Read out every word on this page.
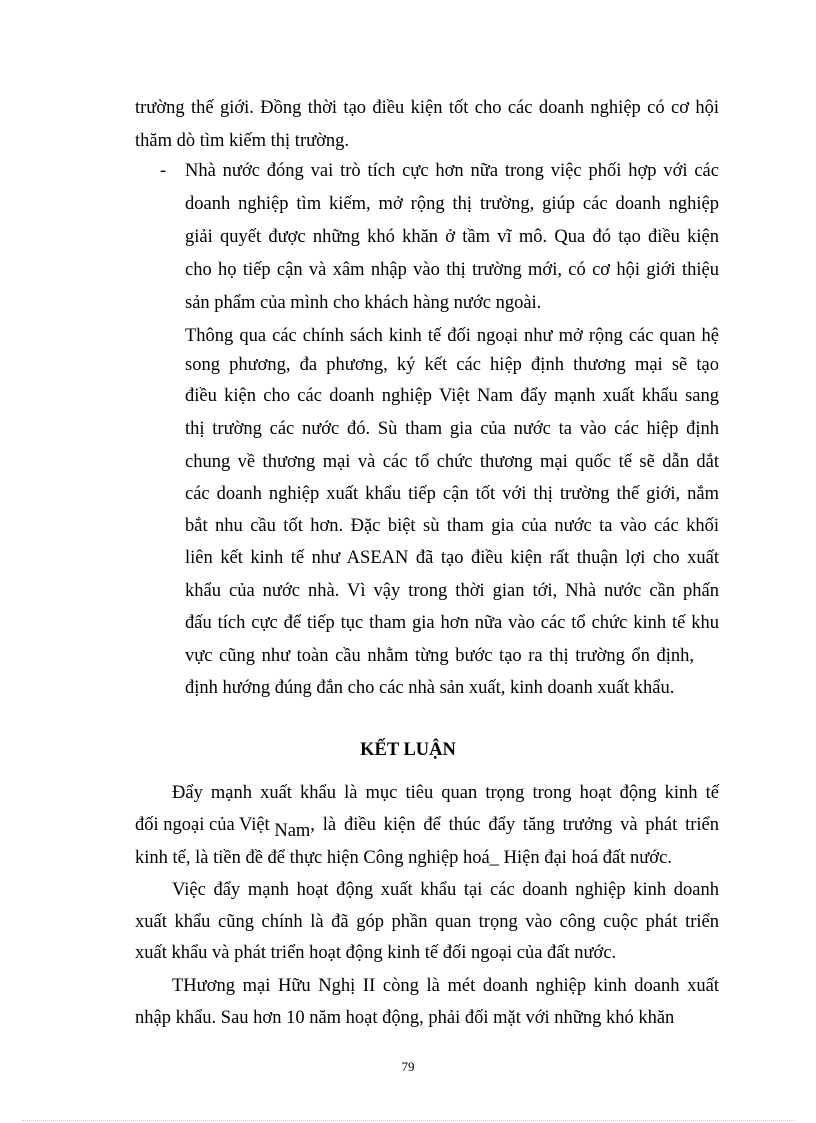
trường thế giới. Đồng thời tạo điều kiện tốt cho các doanh nghiệp có cơ hội
thăm dò tìm kiếm thị trường.
- Nhà nước đóng vai trò tích cực hơn nữa trong việc phối hợp với các
doanh nghiệp tìm kiếm, mở rộng thị trường, giúp các doanh nghiệp
giải quyết được những khó khăn ở tầm vĩ mô. Qua đó tạo điều kiện
cho họ tiếp cận và xâm nhập vào thị trường mới, có cơ hội giới thiệu
sản phẩm của mình cho khách hàng nước ngoài.
Thông qua các chính sách kinh tế đối ngoại như mở rộng các quan hệ
song phương, đa phương, ký kết các hiệp định thương mại sẽ tạo
điều kiện cho các doanh nghiệp Việt Nam đẩy mạnh xuất khẩu sang
thị trường các nước đó. Sù tham gia của nước ta vào các hiệp định
chung về thương mại và các tổ chức thương mại quốc tế sẽ dẫn dắt
các doanh nghiệp xuất khẩu tiếp cận tốt với thị trường thế giới, nắm
bắt nhu cầu tốt hơn. Đặc biệt sù tham gia của nước ta vào các khối
liên kết kinh tế như ASEAN đã tạo điều kiện rất thuận lợi cho xuất
khẩu của nước nhà. Vì vậy trong thời gian tới, Nhà nước cần phấn
đấu tích cực để tiếp tục tham gia hơn nữa vào các tổ chức kinh tế khu
vực cũng như toàn cầu nhằm từng bước tạo ra thị trường ổn định,
định hướng đúng đắn cho các nhà sản xuất, kinh doanh xuất khẩu.
KẾT LUẬN
Đẩy mạnh xuất khẩu là mục tiêu quan trọng trong hoạt động kinh tế
đối ngoại của Việt Nam , là điều kiện để thúc đẩy tăng trưởng và phát triển
kinh tế, là tiền đề để thực hiện Công nghiệp hoá_ Hiện đại hoá đất nước.
Việc đẩy mạnh hoạt động xuất khẩu tại các doanh nghiệp kinh doanh
xuất khẩu cũng chính là đã góp phần quan trọng vào công cuộc phát triển
xuất khẩu và phát triển hoạt động kinh tế đối ngoại của đất nước.
THương mại Hữu Nghị II còng là mét doanh nghiệp kinh doanh xuất
nhập khẩu. Sau hơn 10 năm hoạt động, phải đối mặt với những khó khăn
79
